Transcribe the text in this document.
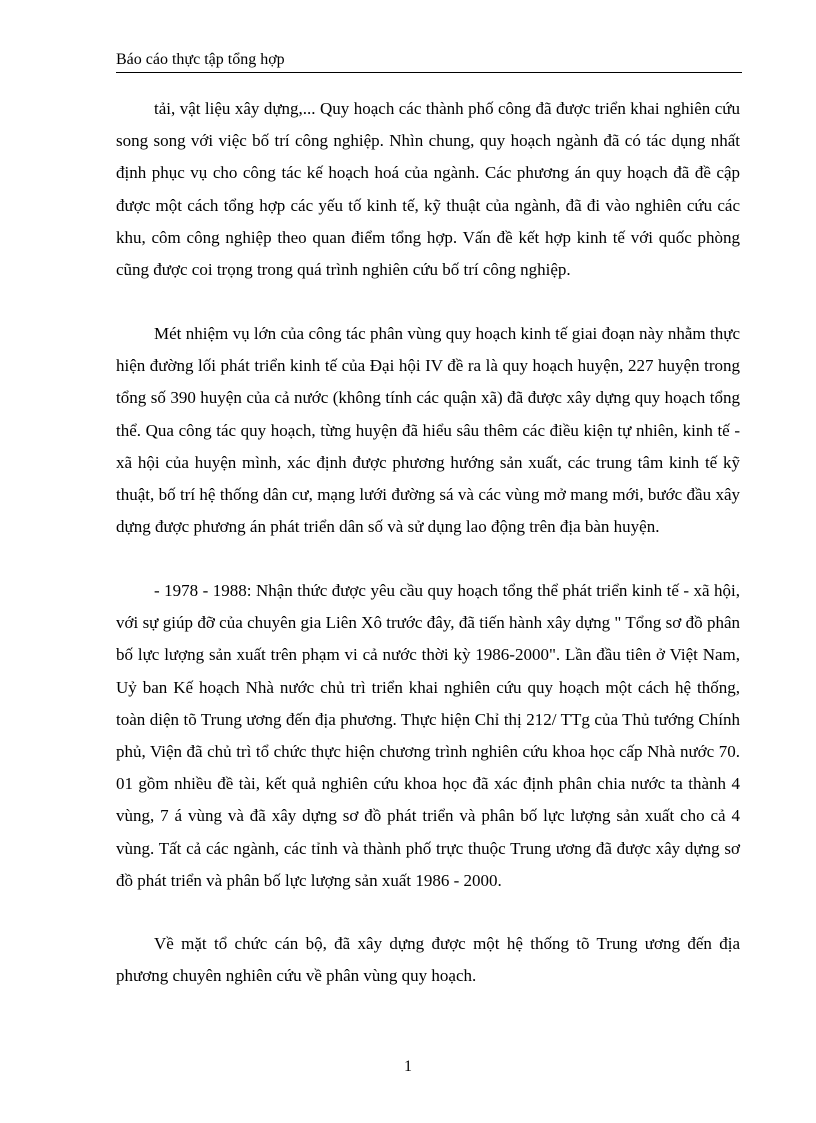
Báo cáo thực tập tổng hợp

tải, vật liệu xây dựng,... Quy hoạch các thành phố công đã được triển khai nghiên cứu song song với việc bố trí công nghiệp. Nhìn chung, quy hoạch ngành đã có tác dụng nhất định phục vụ cho công tác kế hoạch hoá của ngành. Các phương án quy hoạch đã đề cập được một cách tổng hợp các yếu tố kinh tế, kỹ thuật của ngành, đã đi vào nghiên cứu các khu, côm công nghiệp theo quan điểm tổng hợp. Vấn đề kết hợp kinh tế với quốc phòng cũng được coi trọng trong quá trình nghiên cứu bố trí công nghiệp.

Mét nhiệm vụ lớn của công tác phân vùng quy hoạch kinh tế giai đoạn này nhằm thực hiện đường lối phát triển kinh tế của Đại hội IV đề ra là quy hoạch huyện, 227 huyện trong tổng số 390 huyện của cả nước (không tính các quận xã) đã được xây dựng quy hoạch tổng thể. Qua công tác quy hoạch, từng huyện đã hiểu sâu thêm các điều kiện tự nhiên, kinh tế - xã hội của huyện mình, xác định được phương hướng sản xuất, các trung tâm kinh tế kỹ thuật, bố trí hệ thống dân cư, mạng lưới đường sá và các vùng mở mang mới, bước đầu xây dựng được phương án phát triển dân số và sử dụng lao động trên địa bàn huyện.

- 1978 - 1988: Nhận thức được yêu cầu quy hoạch tổng thể phát triển kinh tế - xã hội, với sự giúp đỡ của chuyên gia Liên Xô trước đây, đã tiến hành xây dựng " Tổng sơ đồ phân bố lực lượng sản xuất trên phạm vi cả nước thời kỳ 1986-2000". Lần đầu tiên ở Việt Nam, Uỷ ban Kế hoạch Nhà nước chủ trì triển khai nghiên cứu quy hoạch một cách hệ thống, toàn diện tõ Trung ương đến địa phương. Thực hiện Chỉ thị 212/ TTg của Thủ tướng Chính phủ, Viện đã chủ trì tổ chức thực hiện chương trình nghiên cứu khoa học cấp Nhà nước 70. 01 gồm nhiều đề tài, kết quả nghiên cứu khoa học đã xác định phân chia nước ta thành 4 vùng, 7 á vùng và đã xây dựng sơ đồ phát triển và phân bố lực lượng sản xuất cho cả 4 vùng. Tất cả các ngành, các tỉnh và thành phố trực thuộc Trung ương đã được xây dựng sơ đồ phát triển và phân bố lực lượng sản xuất 1986 - 2000.

Về mặt tổ chức cán bộ, đã xây dựng được một hệ thống tõ Trung ương đến địa phương chuyên nghiên cứu về phân vùng quy hoạch.

1
